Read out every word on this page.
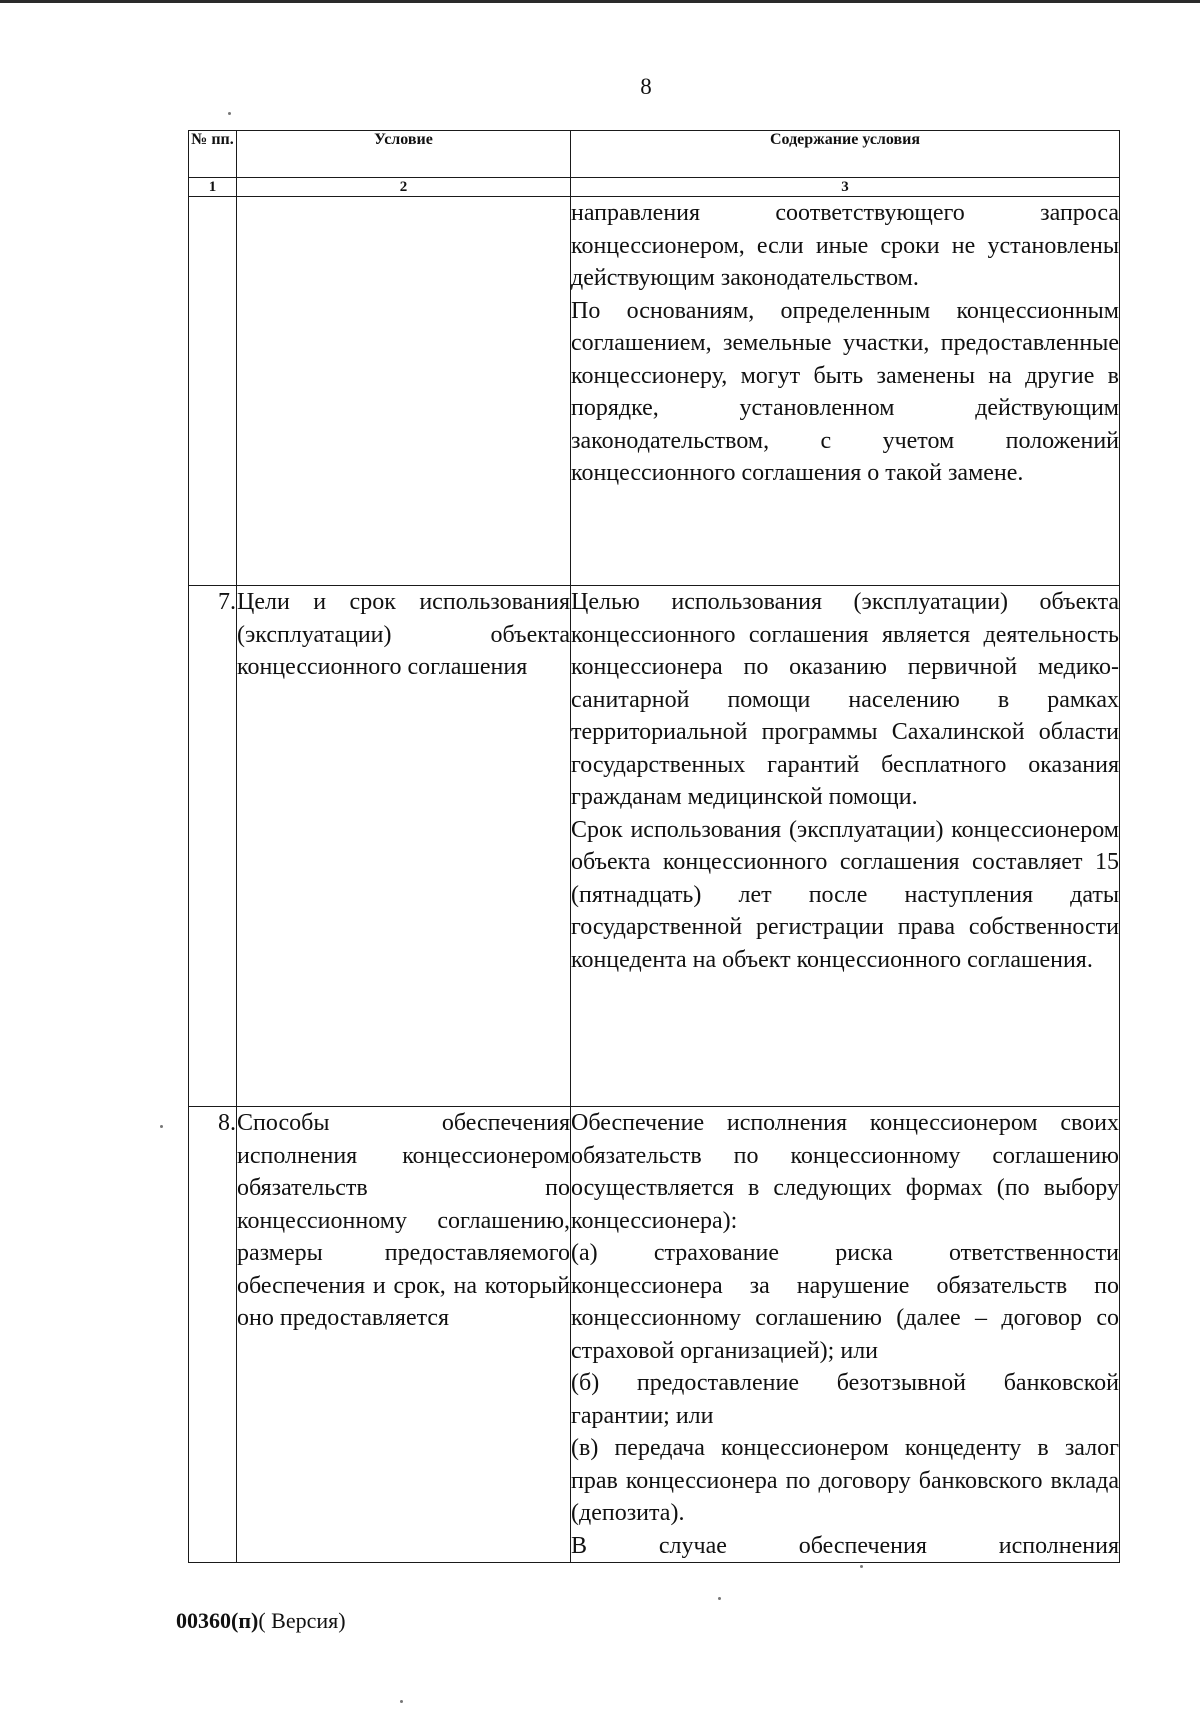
8
№ пп.	Условие	Содержание условия
1	2	3

		направления соответствующего запроса концессионером, если иные сроки не установлены действующим законодательством.
По основаниям, определенным концессионным соглашением, земельные участки, предоставленные концессионеру, могут быть заменены на другие в порядке, установленном действующим законодательством, с учетом положений концессионного соглашения о такой замене.

7.	Цели и срок использования (эксплуатации) объекта концессионного соглашения	Целью использования (эксплуатации) объекта концессионного соглашения является деятельность концессионера по оказанию первичной медико-санитарной помощи населению в рамках территориальной программы Сахалинской области государственных гарантий бесплатного оказания гражданам медицинской помощи.
Срок использования (эксплуатации) концессионером объекта концессионного соглашения составляет 15 (пятнадцать) лет после наступления даты государственной регистрации права собственности концедента на объект концессионного соглашения.

8.	Способы обеспечения исполнения концессионером обязательств по концессионному соглашению, размеры предоставляемого обеспечения и срок, на который оно предоставляется	Обеспечение исполнения концессионером своих обязательств по концессионному соглашению осуществляется в следующих формах (по выбору концессионера):
(а) страхование риска ответственности концессионера за нарушение обязательств по концессионному соглашению (далее – договор со страховой организацией); или
(б) предоставление безотзывной банковской гарантии; или
(в) передача концессионером концеденту в залог прав концессионера по договору банковского вклада (депозита).
В случае обеспечения исполнения
00360(п)( Версия)
